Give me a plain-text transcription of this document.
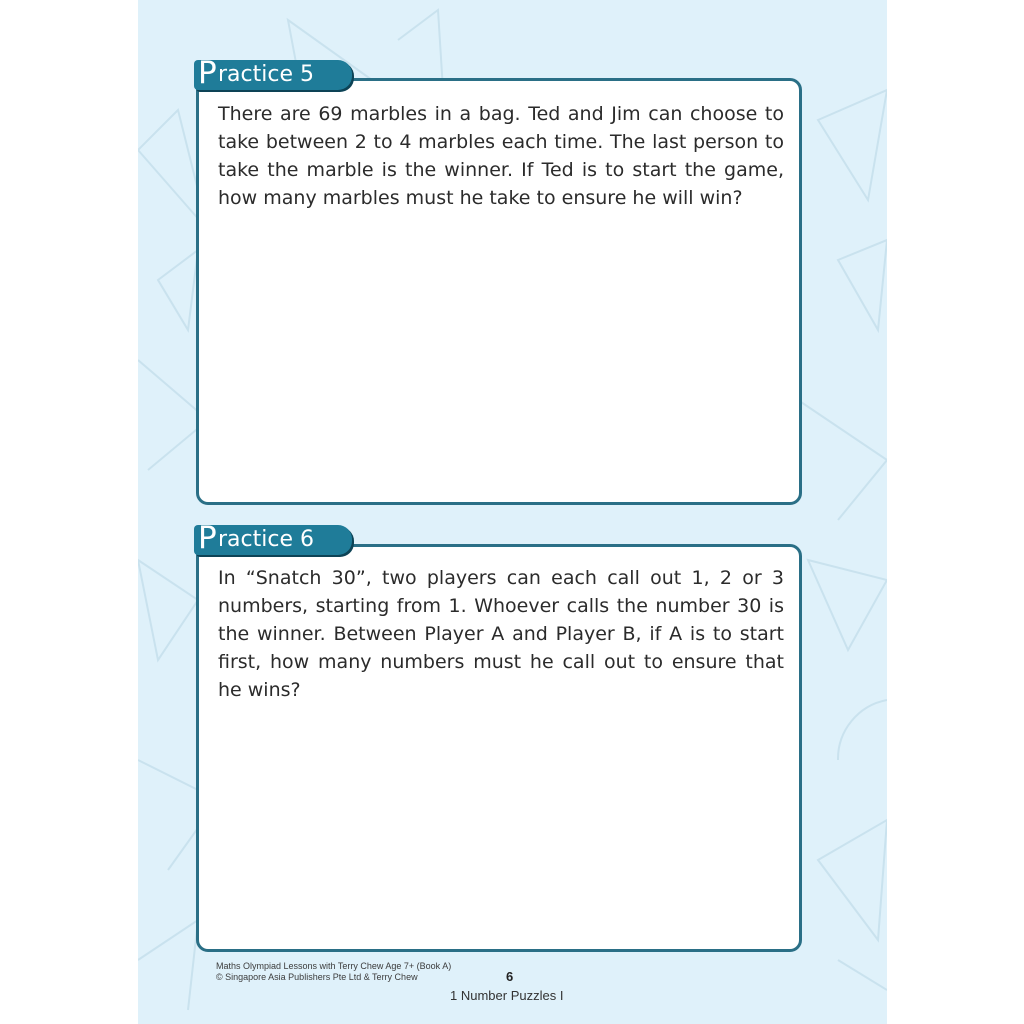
P ractice 5
P ractice 6

There are 69 marbles in a bag. Ted and Jim can choose to take between 2 to 4 marbles each time. The last person to take the marble is the winner. If Ted is to start the game, how many marbles must he take to ensure he will win?

In “Snatch 30”, two players can each call out 1, 2 or 3 numbers, starting from 1. Whoever calls the number 30 is the winner. Between Player A and Player B, if A is to start first, how many numbers must he call out to ensure that he wins?

Maths Olympiad Lessons with Terry Chew Age 7+ (Book A)
© Singapore Asia Publishers Pte Ltd & Terry Chew	6
1 Number Puzzles I
